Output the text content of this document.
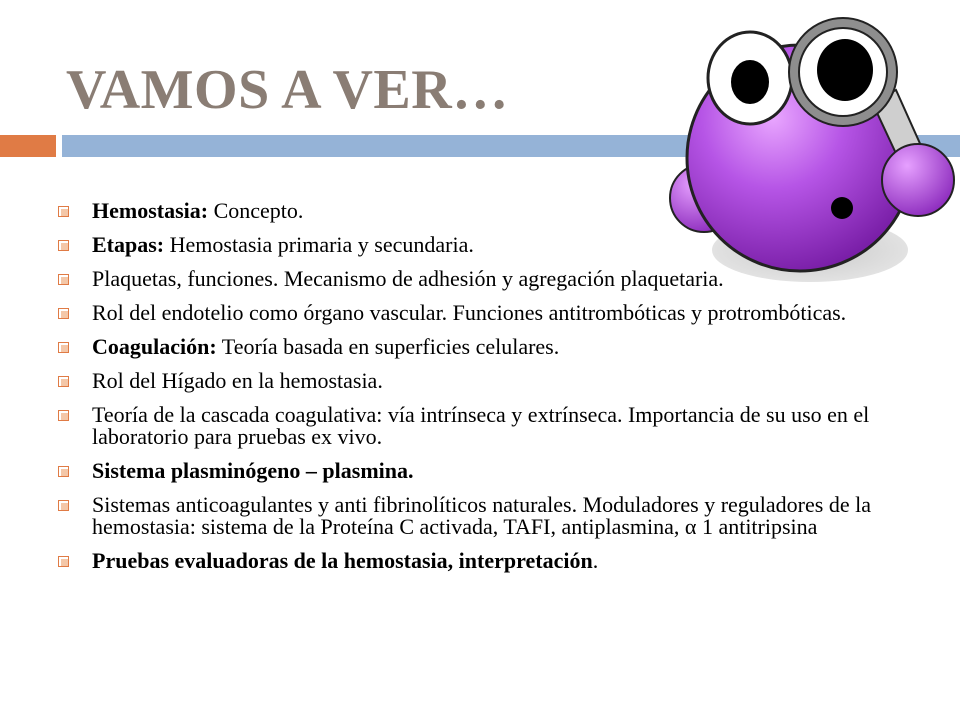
VAMOS A VER…
Hemostasia: Concepto.
Etapas: Hemostasia primaria y secundaria.
Plaquetas, funciones. Mecanismo de adhesión y agregación plaquetaria.
Rol del endotelio como órgano vascular. Funciones antitrombóticas y protrombóticas.
Coagulación: Teoría basada en superficies celulares.
Rol del Hígado en la hemostasia.
Teoría de la cascada coagulativa: vía intrínseca y extrínseca. Importancia de su uso en el laboratorio para pruebas ex vivo.
Sistema plasminógeno – plasmina.
Sistemas anticoagulantes y anti fibrinolíticos naturales. Moduladores y reguladores de la hemostasia: sistema de la Proteína C activada, TAFI, antiplasmina, α 1 antitripsina
Pruebas evaluadoras de la hemostasia, interpretación.
